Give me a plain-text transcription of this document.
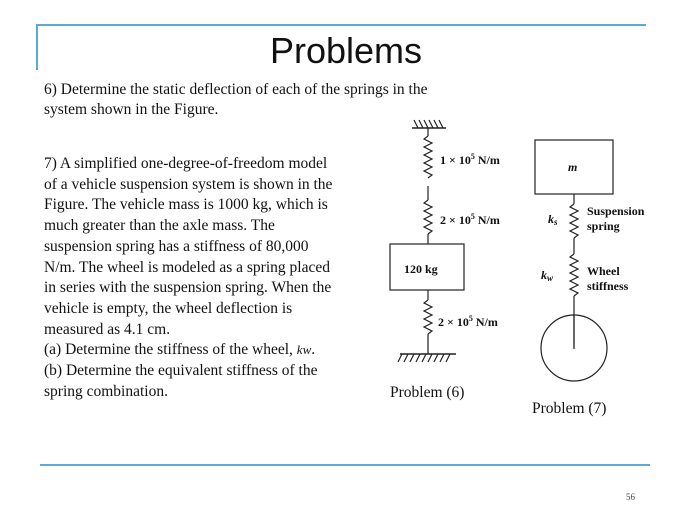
Problems
6) Determine the static deflection of each of the springs in the
system shown in the Figure.
7) A simplified one-degree-of-freedom model
of a vehicle suspension system is shown in the
Figure. The vehicle mass is 1000 kg, which is
much greater than the axle mass. The
suspension spring has a stiffness of 80,000
N/m. The wheel is modeled as a spring placed
in series with the suspension spring. When the
vehicle is empty, the wheel deflection is
measured as 4.1 cm.
(a) Determine the stiffness of the wheel, kw.
(b) Determine the equivalent stiffness of the
spring combination.
$1 \times 10^5$ N/m
$2 \times 10^5$ N/m
120 kg
$2 \times 10^5$ N/m
Problem (6)
m
$k_s$
Suspension
spring
$k_w$	Wheel
stiffness
Problem (7)
56
